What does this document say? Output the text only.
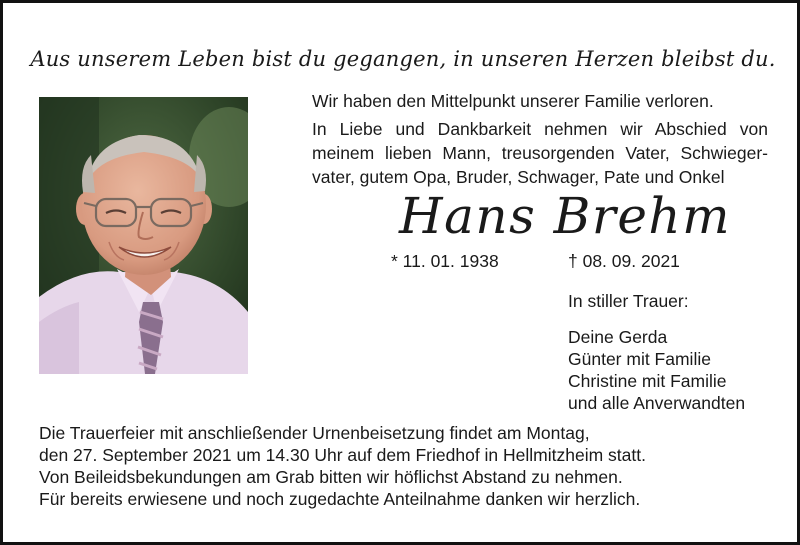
Aus unserem Leben bist du gegangen, in unseren Herzen bleibst du.

Wir haben den Mittelpunkt unserer Familie verloren.

In Liebe und Dankbarkeit nehmen wir Abschied von meinem lieben Mann, treusorgenden Vater, Schwieger-vater, gutem Opa, Bruder, Schwager, Pate und Onkel

Hans Brehm
* 11. 01. 1938	† 08. 09. 2021
In stiller Trauer:
Deine Gerda
Günter mit Familie
Christine mit Familie
und alle Anverwandten
Die Trauerfeier mit anschließender Urnenbeisetzung findet am Montag,
den 27. September 2021 um 14.30 Uhr auf dem Friedhof in Hellmitzheim statt.
Von Beileidsbekundungen am Grab bitten wir höflichst Abstand zu nehmen.
Für bereits erwiesene und noch zugedachte Anteilnahme danken wir herzlich.
